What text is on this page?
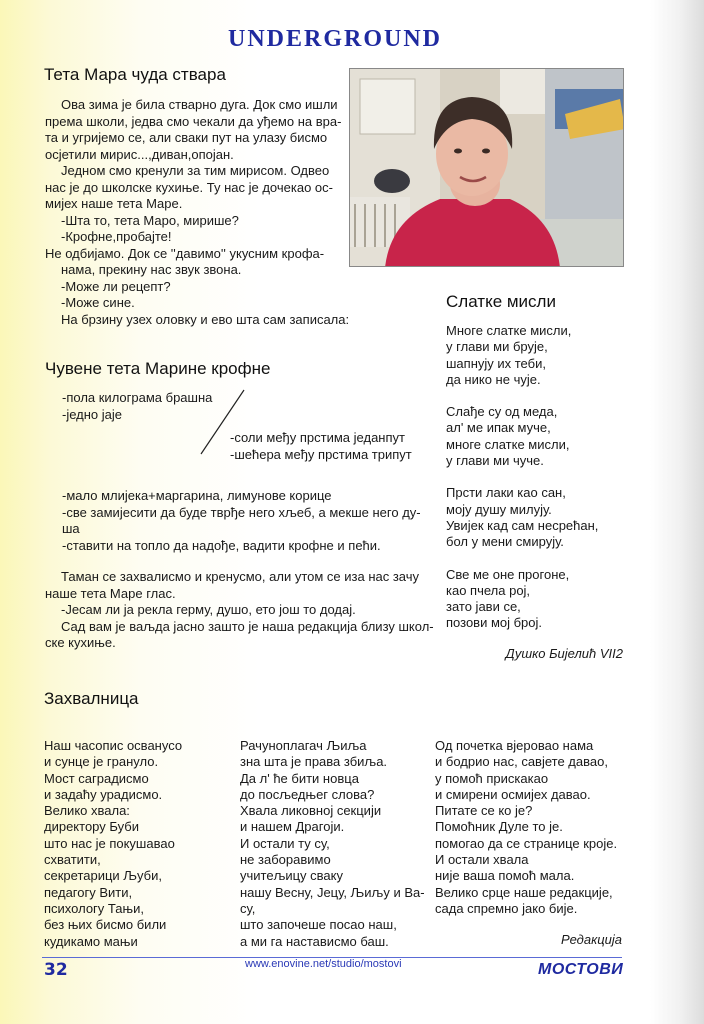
UNDERGROUND
Тета Мара чуда ствара
Ова зима је била стварно дуга. Док смо ишли
према школи, једва смо чекали да уђемо на вра-
та и угријемо се, али сваки пут на улазу бисмо
осјетили мирис...,диван,опојан.
Једном смо кренули за тим мирисом. Одвео
нас је до школске кухиње. Ту нас је дочекао ос-
мијех наше тета Маре.
-Шта то, тета Маро, мирише?
-Крофне,пробајте!
Не одбијамо. Док се ''давимо'' укусним крофа-
нама, прекину нас звук звона.
-Може ли рецепт?
-Може сине.
На брзину узех оловку и ево шта сам записала:
Чувене тета Марине крофне
-пола килограма брашна
-једно јаје
-соли међу прстима једанпут
-шећера међу прстима трипут
-мало млијека+маргарина, лимунове корице
-све замијесити да буде тврђе него хљеб, а мекше него ду-
ша
-ставити на топло да надође, вадити крофне и пећи.
Таман се захвалисмо и кренусмо, али утом се иза нас зачу
наше тета Маре глас.
-Јесам ли ја рекла герму, душо, ето још то додај.
Сад вам је ваљда јасно зашто је наша редакција близу школ-
ске кухиње.
Слатке мисли
Многе слатке мисли,
у глави ми брује,
шапнују их теби,
да нико не чује.
Слађе су од меда,
ал' ме ипак муче,
многе слатке мисли,
у глави ми чуче.
Прсти лаки као сан,
моју душу милују.
Увијек кад сам несрећан,
бол у мени смирују.
Све ме оне прогоне,
као пчела рој,
зато јави се,
позови мој број.
Душко Бијелић VII2
Захвалница
Наш часопис осванусо
и сунце је грануло.
Мост саградисмо
и задаћу урадисмо.
Велико хвала:
директору Буби
што нас је покушавао
схватити,
секретарици Љуби,
педагогу Вити,
психологу Тањи,
без њих бисмо били
кудикамо мањи
Рачуноплагач Љиља
зна шта је права збиља.
Да л' ће бити новца
до посљедњег слова?
Хвала ликовној секцији
и нашем Драгоји.
И остали ту су,
не заборавимо
учитељицу сваку
нашу Весну, Јецу, Љиљу и Ва-
су,
што започеше посао наш,
а ми га настависмо баш.
Од почетка вјеровао нама
и бодрио нас, савјете давао,
у помоћ прискакао
и смирени осмијех давао.
Питате се ко је?
Помоћник Дуле то је.
помогао да се странице кроје.
И остали хвала
није ваша помоћ мала.
Велико срце наше редакције,
сада спремно јако бије.
Редакција
32	www.enovine.net/studio/mostovi	МОСТОВИ
